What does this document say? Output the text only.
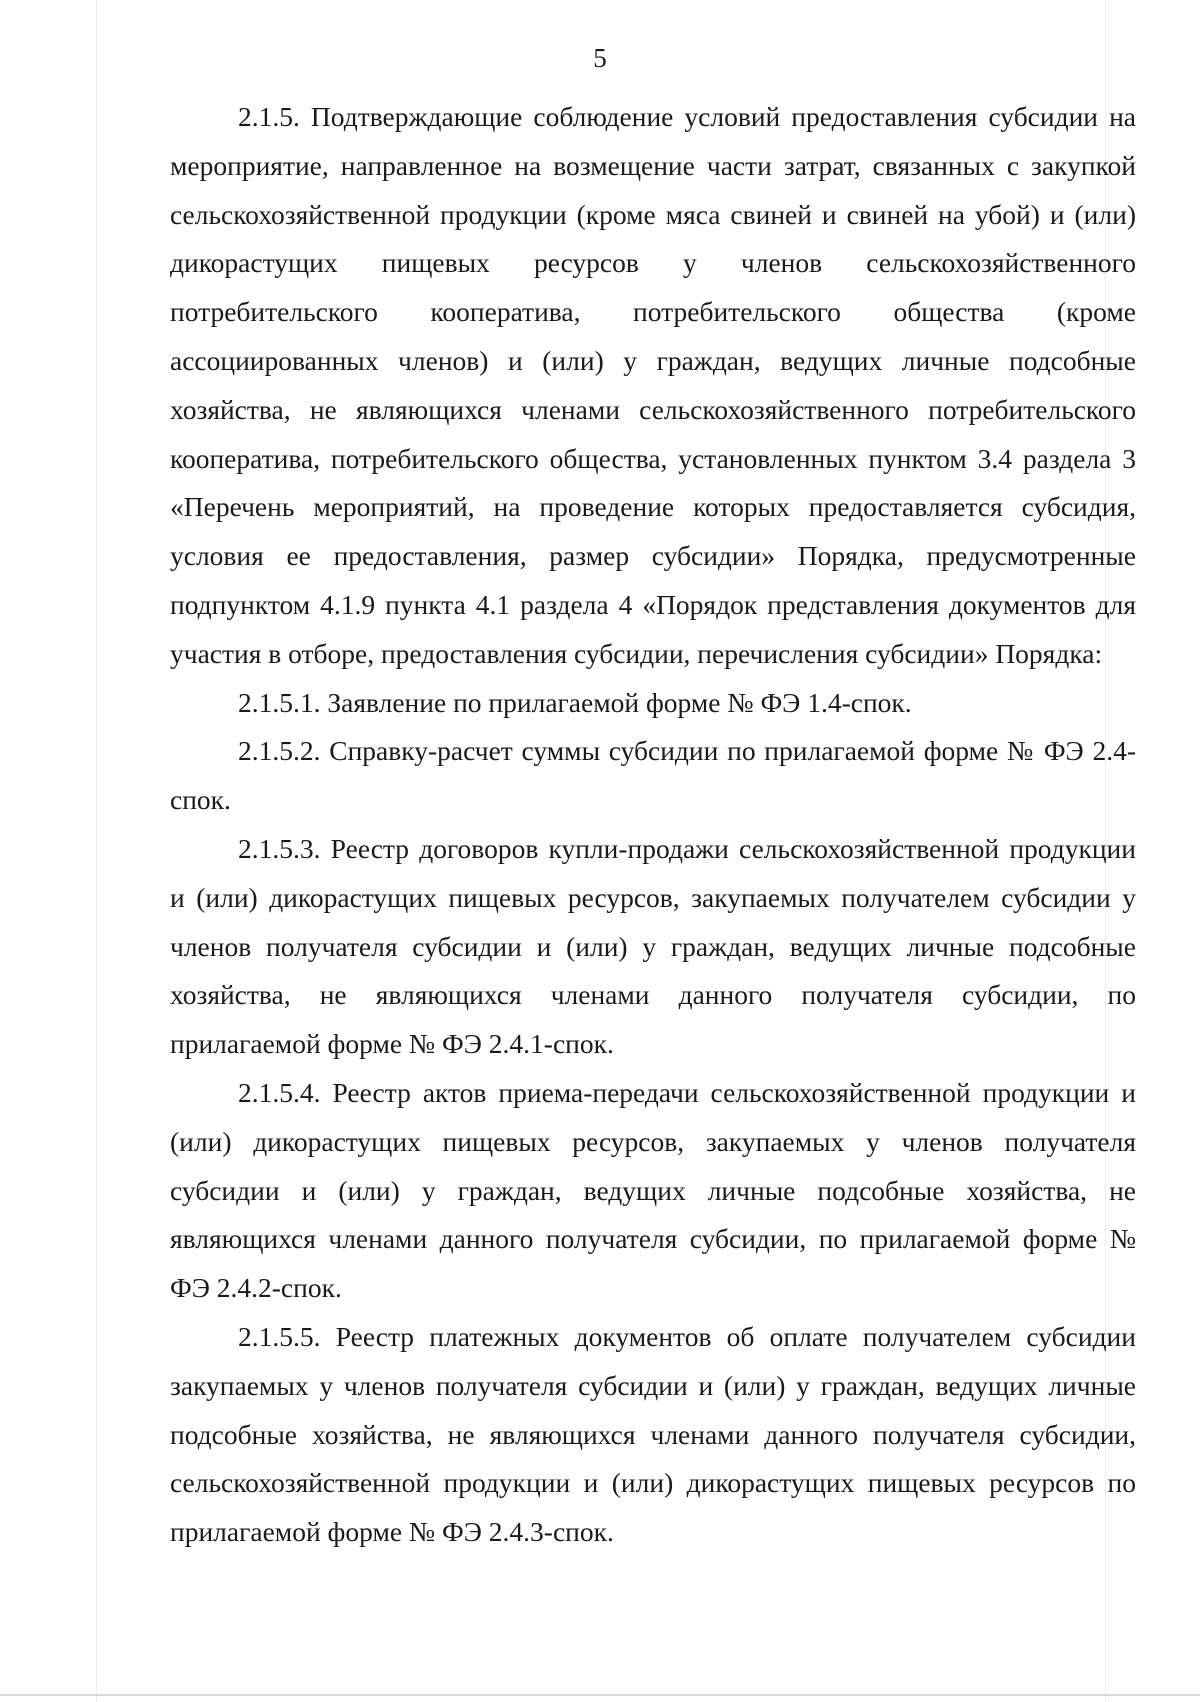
5

2.1.5. Подтверждающие соблюдение условий предоставления субсидии на мероприятие, направленное на возмещение части затрат, связанных с закупкой сельскохозяйственной продукции (кроме мяса свиней и свиней на убой) и (или) дикорастущих пищевых ресурсов у членов сельскохозяйственного потребительского кооператива, потребительского общества (кроме ассоциированных членов) и (или) у граждан, ведущих личные подсобные хозяйства, не являющихся членами сельскохозяйственного потребительского кооператива, потребительского общества, установленных пунктом 3.4 раздела 3 «Перечень мероприятий, на проведение которых предоставляется субсидия, условия ее предоставления, размер субсидии» Порядка, предусмотренные подпунктом 4.1.9 пункта 4.1 раздела 4 «Порядок представления документов для участия в отборе, предоставления субсидии, перечисления субсидии» Порядка:

2.1.5.1. Заявление по прилагаемой форме № ФЭ 1.4-спок.

2.1.5.2. Справку-расчет суммы субсидии по прилагаемой форме № ФЭ 2.4-спок.

2.1.5.3. Реестр договоров купли-продажи сельскохозяйственной продукции и (или) дикорастущих пищевых ресурсов, закупаемых получателем субсидии у членов получателя субсидии и (или) у граждан, ведущих личные подсобные хозяйства, не являющихся членами данного получателя субсидии, по прилагаемой форме № ФЭ 2.4.1-спок.

2.1.5.4. Реестр актов приема-передачи сельскохозяйственной продукции и (или) дикорастущих пищевых ресурсов, закупаемых у членов получателя субсидии и (или) у граждан, ведущих личные подсобные хозяйства, не являющихся членами данного получателя субсидии, по прилагаемой форме № ФЭ 2.4.2-спок.

2.1.5.5. Реестр платежных документов об оплате получателем субсидии закупаемых у членов получателя субсидии и (или) у граждан, ведущих личные подсобные хозяйства, не являющихся членами данного получателя субсидии, сельскохозяйственной продукции и (или) дикорастущих пищевых ресурсов по прилагаемой форме № ФЭ 2.4.3-спок.
